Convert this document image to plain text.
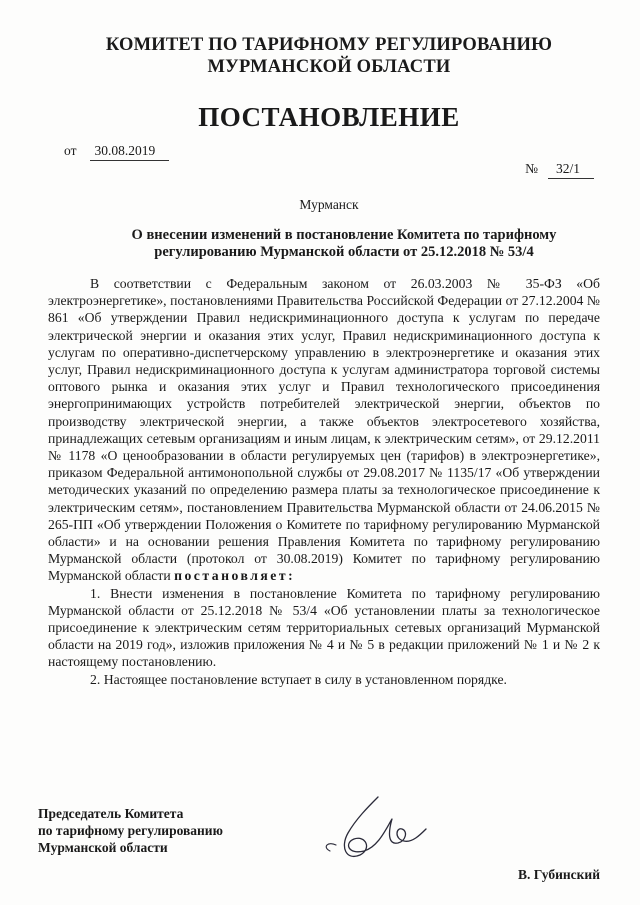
КОМИТЕТ ПО ТАРИФНОМУ РЕГУЛИРОВАНИЮ
МУРМАНСКОЙ ОБЛАСТИ
ПОСТАНОВЛЕНИЕ
от 30.08.2019
№ 32/1
Мурманск
О внесении изменений в постановление Комитета по тарифному
регулированию Мурманской области от 25.12.2018 № 53/4

В соответствии с Федеральным законом от 26.03.2003 № 35-ФЗ «Об электроэнергетике», постановлениями Правительства Российской Федерации от 27.12.2004 № 861 «Об утверждении Правил недискриминационного доступа к услугам по передаче электрической энергии и оказания этих услуг, Правил недискриминационного доступа к услугам по оперативно-диспетчерскому управлению в электроэнергетике и оказания этих услуг, Правил недискриминационного доступа к услугам администратора торговой системы оптового рынка и оказания этих услуг и Правил технологического присоединения энергопринимающих устройств потребителей электрической энергии, объектов по производству электрической энергии, а также объектов электросетевого хозяйства, принадлежащих сетевым организациям и иным лицам, к электрическим сетям», от 29.12.2011 № 1178 «О ценообразовании в области регулируемых цен (тарифов) в электроэнергетике», приказом Федеральной антимонопольной службы от 29.08.2017 № 1135/17 «Об утверждении методических указаний по определению размера платы за технологическое присоединение к электрическим сетям», постановлением Правительства Мурманской области от 24.06.2015 № 265-ПП «Об утверждении Положения о Комитете по тарифному регулированию Мурманской области» и на основании решения Правления Комитета по тарифному регулированию Мурманской области (протокол от 30.08.2019) Комитет по тарифному регулированию Мурманской области постановляет:

1. Внести изменения в постановление Комитета по тарифному регулированию Мурманской области от 25.12.2018 № 53/4 «Об установлении платы за технологическое присоединение к электрическим сетям территориальных сетевых организаций Мурманской области на 2019 год», изложив приложения № 4 и № 5 в редакции приложений № 1 и № 2 к настоящему постановлению.

2. Настоящее постановление вступает в силу в установленном порядке.

Председатель Комитета
по тарифному регулированию
Мурманской области
В. Губинский
